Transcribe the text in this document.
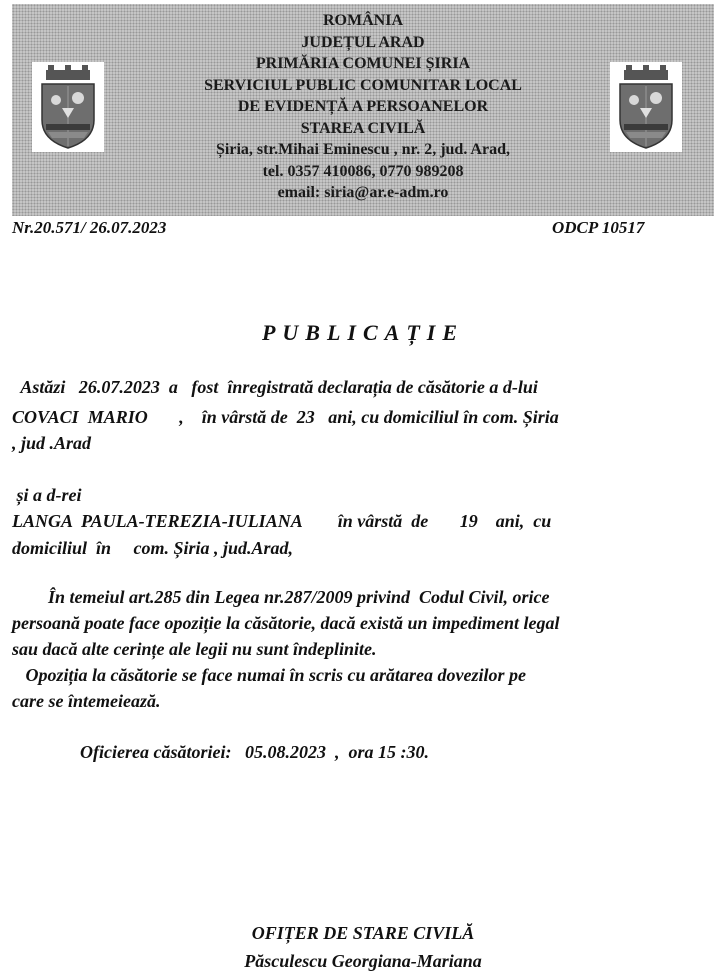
ROMÂNIA
JUDEȚUL ARAD
PRIMĂRIA COMUNEI ȘIRIA
SERVICIUL PUBLIC COMUNITAR LOCAL
DE EVIDENȚĂ A PERSOANELOR
STAREA CIVILĂ
Șiria, str.Mihai Eminescu , nr. 2, jud. Arad,
tel. 0357 410086, 0770 989208
email: siria@ar.e-adm.ro
Nr.20.571/ 26.07.2023	ODCP 10517
PUBLICAȚIE
Astăzi   26.07.2023  a   fost  înregistrată declarația de căsătorie a d-lui
COVACI  MARIO       ,    în vârstă de  23   ani, cu domiciliul în com. Șiria
, jud .Arad
și a d-rei
LANGA  PAULA-TEREZIA-IULIANA        în vârstă  de       19    ani,  cu
domiciliul  în     com. Șiria , jud.Arad,
În temeiul art.285 din Legea nr.287/2009 privind  Codul Civil, orice
persoană poate face opoziție la căsătorie, dacă există un impediment legal
sau dacă alte cerințe ale legii nu sunt îndeplinite.
Opoziția la căsătorie se face numai în scris cu arătarea dovezilor pe
care se întemeiează.
Oficierea căsătoriei:   05.08.2023  ,  ora 15 :30.
OFIȚER DE STARE CIVILĂ
Păsculescu Georgiana-Mariana
